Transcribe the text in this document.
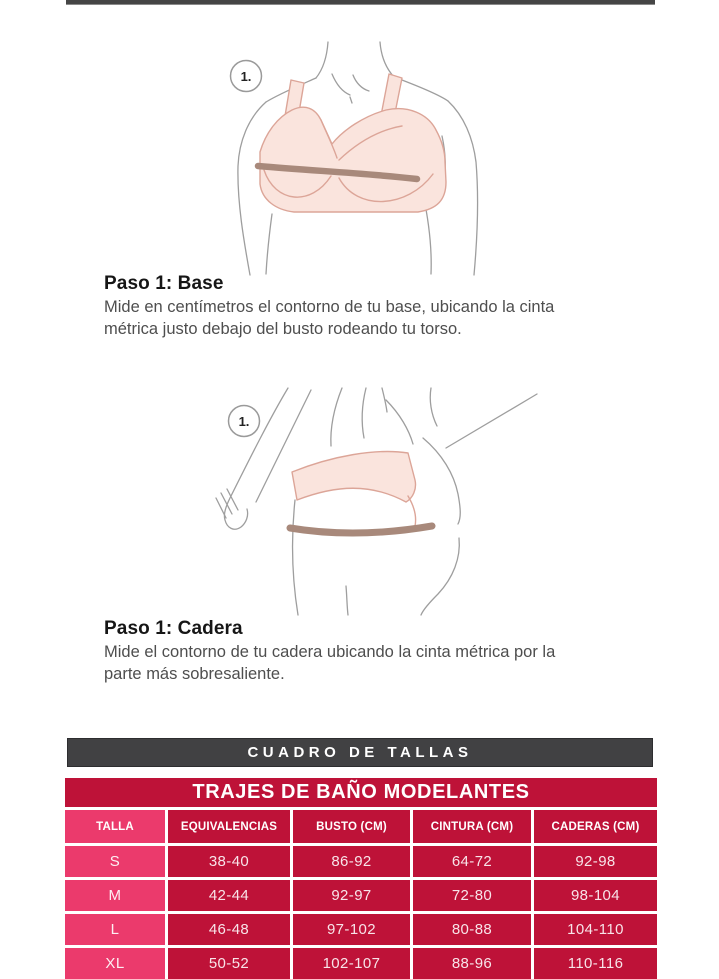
1.
Paso 1: Base
Mide en centímetros el contorno de tu base, ubicando la cinta
métrica justo debajo del busto rodeando tu torso.
1.
Paso 1: Cadera
Mide el contorno de tu cadera ubicando la cinta métrica por la
parte más sobresaliente.
CUADRO DE TALLAS
TRAJES DE BAÑO MODELANTES
TALLA	EQUIVALENCIAS	BUSTO (CM)	CINTURA (CM)	CADERAS (CM)
S	38-40	86-92	64-72	92-98
M	42-44	92-97	72-80	98-104
L	46-48	97-102	80-88	104-110
XL	50-52	102-107	88-96	110-116
